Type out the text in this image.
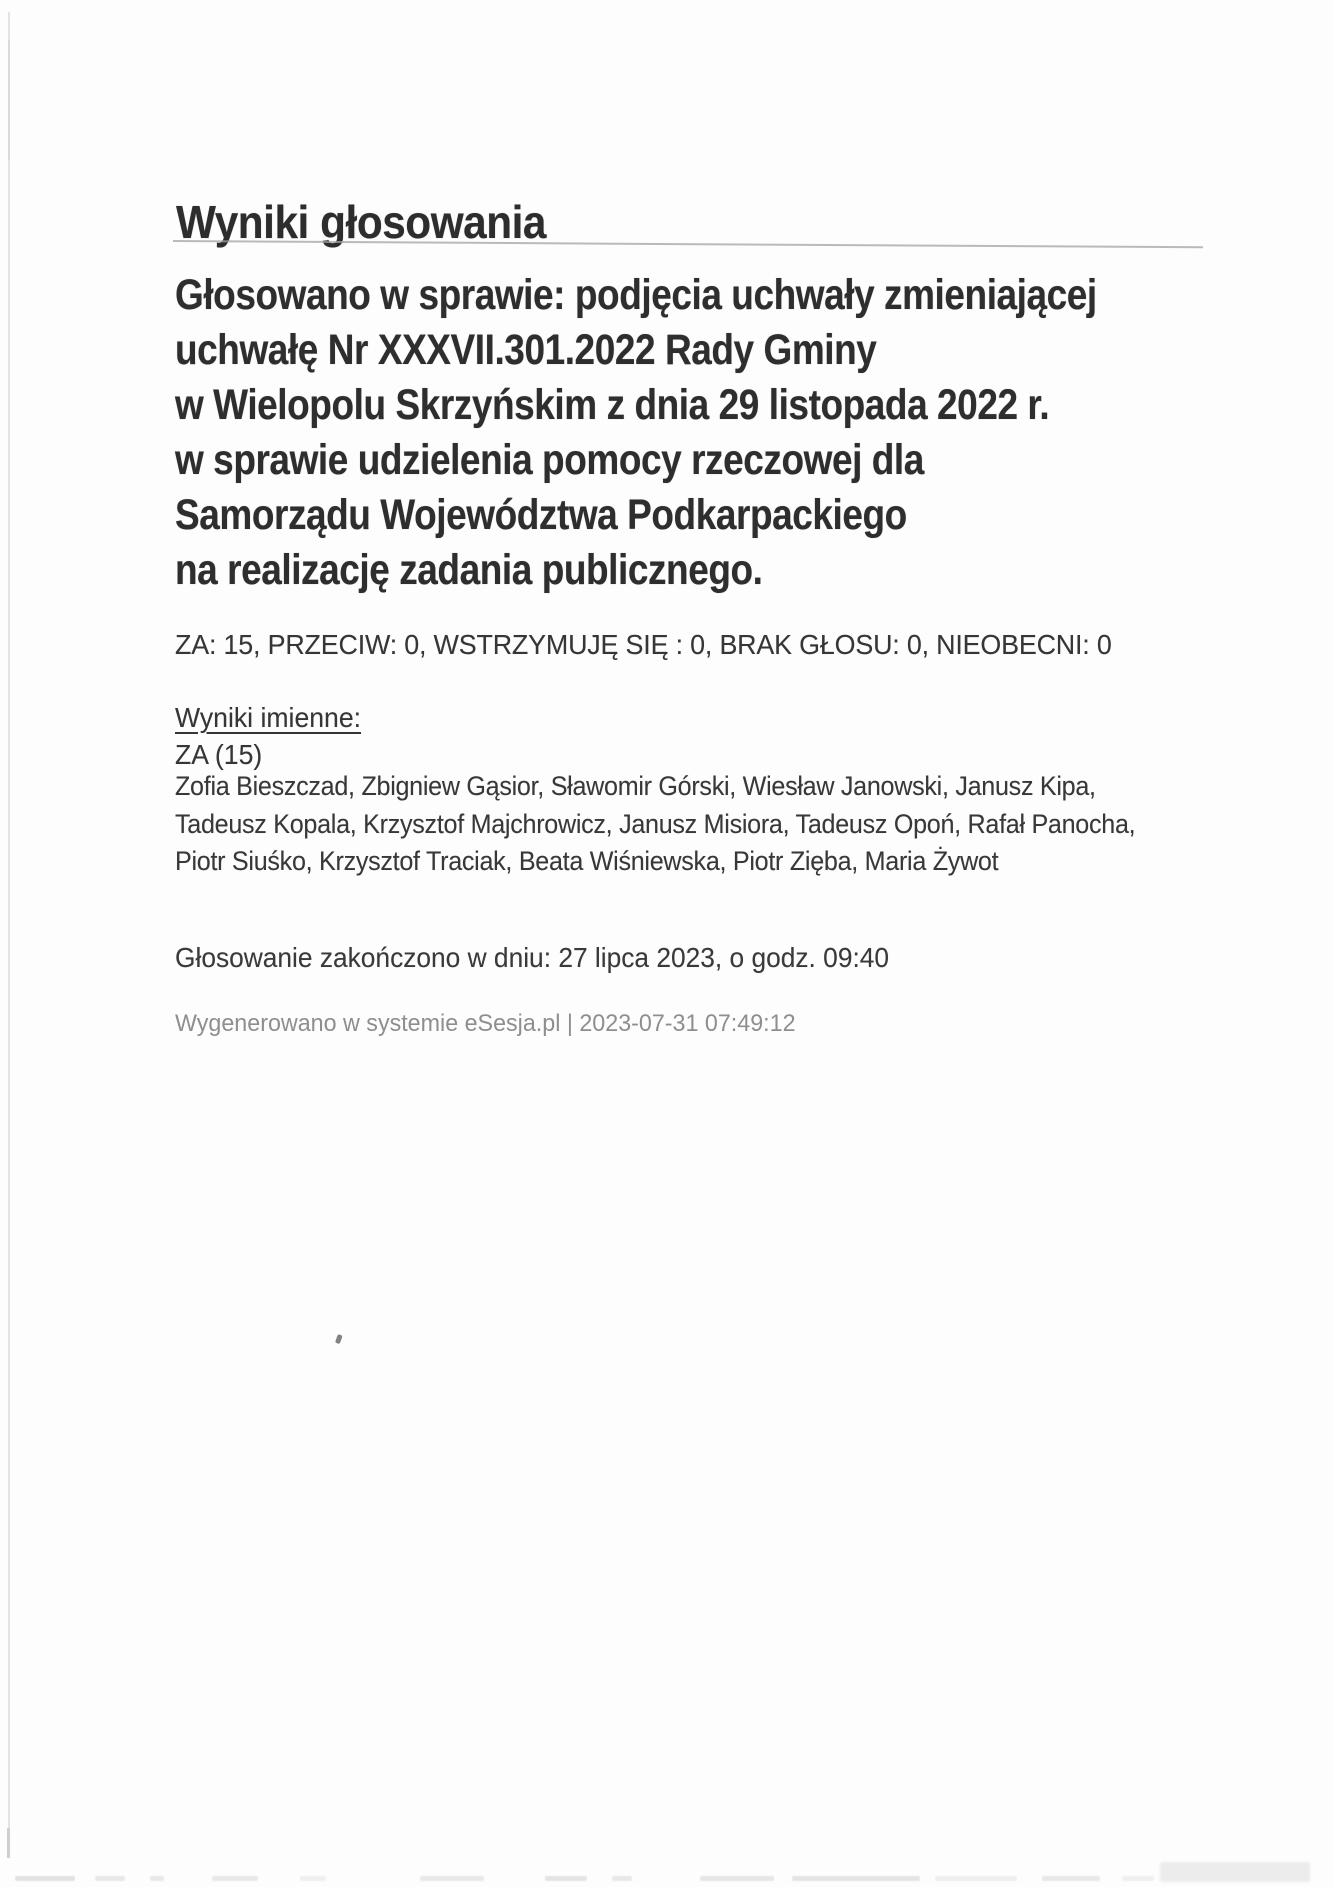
Wyniki głosowania
Głosowano w sprawie: podjęcia uchwały zmieniającej
uchwałę Nr XXXVII.301.2022 Rady Gminy
w Wielopolu Skrzyńskim z dnia 29 listopada 2022 r.
w sprawie udzielenia pomocy rzeczowej dla
Samorządu Województwa Podkarpackiego
na realizację zadania publicznego.
ZA: 15, PRZECIW: 0, WSTRZYMUJĘ SIĘ : 0, BRAK GŁOSU: 0, NIEOBECNI: 0
Wyniki imienne:
ZA (15)
Zofia Bieszczad, Zbigniew Gąsior, Sławomir Górski, Wiesław Janowski, Janusz Kipa,
Tadeusz Kopala, Krzysztof Majchrowicz, Janusz Misiora, Tadeusz Opoń, Rafał Panocha,
Piotr Siuśko, Krzysztof Traciak, Beata Wiśniewska, Piotr Zięba, Maria Żywot
Głosowanie zakończono w dniu: 27 lipca 2023, o godz. 09:40
Wygenerowano w systemie eSesja.pl | 2023-07-31 07:49:12
